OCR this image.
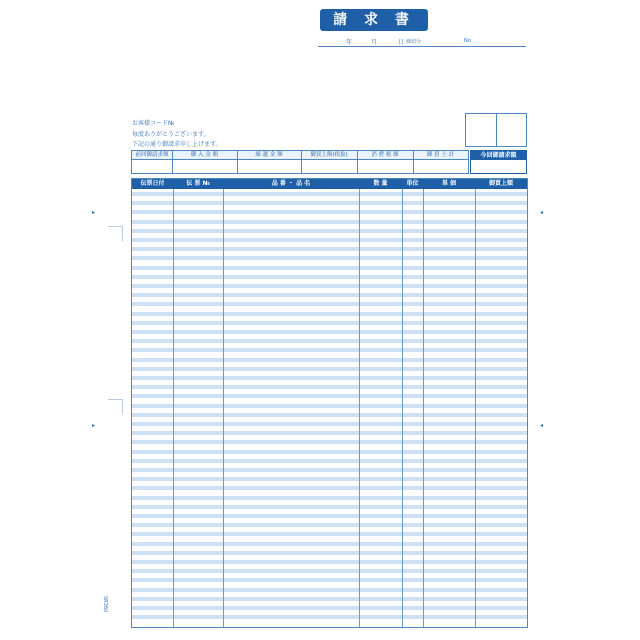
請 求 書
年	月	日 締切分	No
お客様コード№
毎度ありがとうございます。
下記の通り御請求申し上げます。
前回御請求額	御 入 金 額	繰 越 金 額	御買上額(税抜)	消 費 税 額	御 買 上 計	今回御請求額
伝票日付	伝 票 №	品 番 ・ 品 名	数 量	単位	単 価	御買上額
▸
▸
◂
◂
SR360
